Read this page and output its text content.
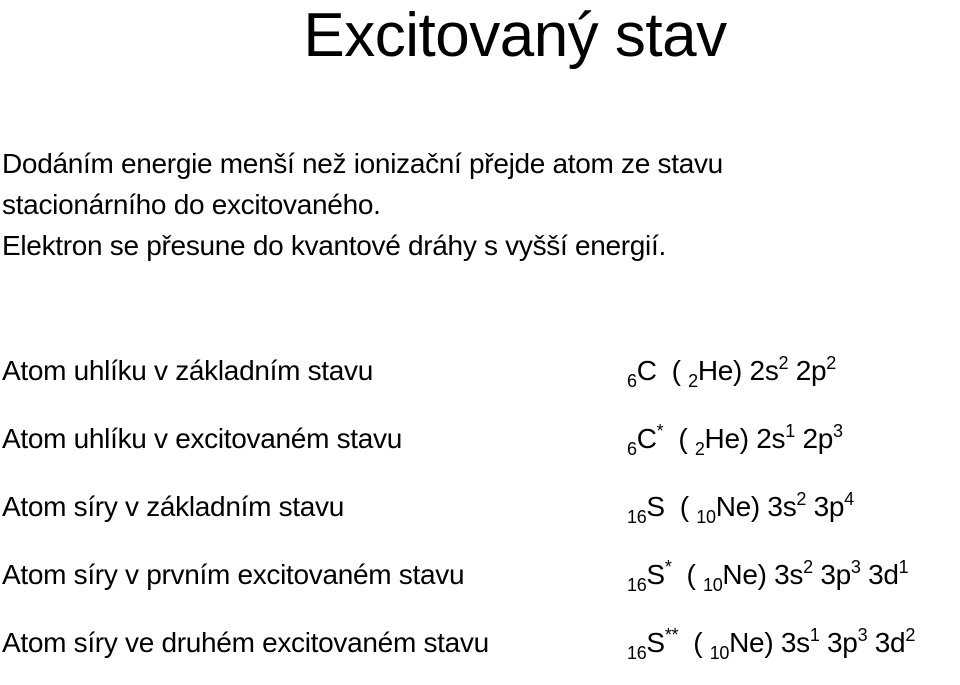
Excitovaný stav
Dodáním energie menší než ionizační přejde atom ze stavu
stacionárního do excitovaného.
Elektron se přesune do kvantové dráhy s vyšší energií.
Atom uhlíku v základním stavu	$_6$C  ( $_2$He) $2s^2$ $2p^2$
Atom uhlíku v excitovaném stavu	$_6$C*  ( $_2$He) $2s^1$ $2p^3$
Atom síry v základním stavu	$_{16}$S  ( $_{10}$Ne) $3s^2$ $3p^4$
Atom síry v prvním excitovaném stavu	$_{16}$S*  ( $_{10}$Ne) $3s^2$ $3p^3$ $3d^1$
Atom síry ve druhém excitovaném stavu	$_{16}$S**  ( $_{10}$Ne) $3s^1$ $3p^3$ $3d^2$
